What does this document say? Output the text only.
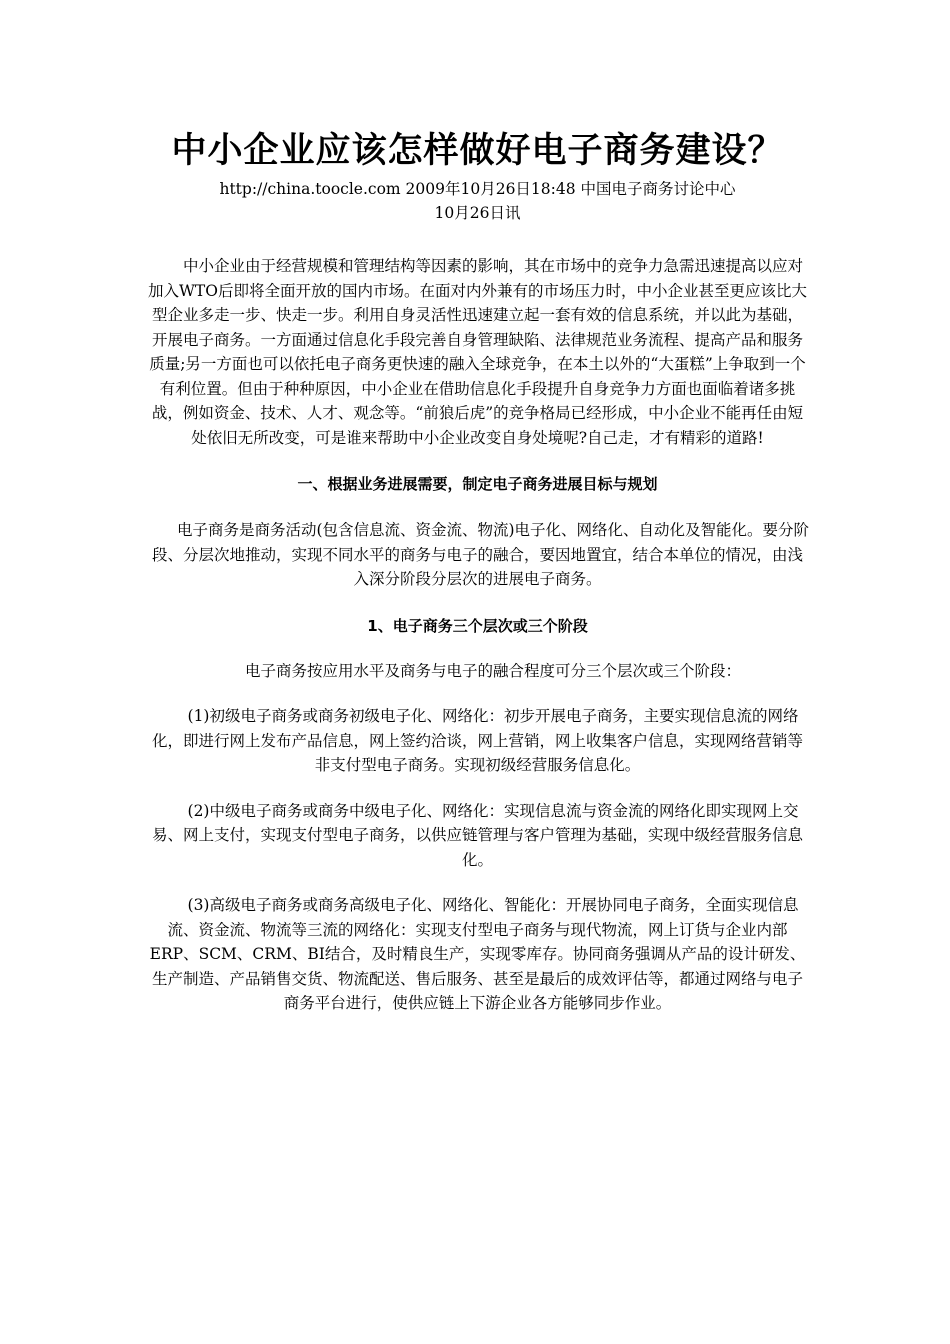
中小企业应该怎样做好电子商务建设？
http://china.toocle.com 2009年10月26日18:48 中国电子商务讨论中心
10月26日讯

中小企业由于经营规模和管理结构等因素的影响，其在市场中的竞争力急需迅速提高以应对加入WTO后即将全面开放的国内市场。在面对内外兼有的市场压力时，中小企业甚至更应该比大型企业多走一步、快走一步。利用自身灵活性迅速建立起一套有效的信息系统，并以此为基础，开展电子商务。一方面通过信息化手段完善自身管理缺陷、法律规范业务流程、提高产品和服务质量;另一方面也可以依托电子商务更快速的融入全球竞争，在本土以外的“大蛋糕”上争取到一个有利位置。但由于种种原因，中小企业在借助信息化手段提升自身竞争力方面也面临着诸多挑战，例如资金、技术、人才、观念等。“前狼后虎”的竞争格局已经形成，中小企业不能再任由短处依旧无所改变，可是谁来帮助中小企业改变自身处境呢?自己走，才有精彩的道路!

一、根据业务进展需要，制定电子商务进展目标与规划

电子商务是商务活动(包含信息流、资金流、物流)电子化、网络化、自动化及智能化。要分阶段、分层次地推动，实现不同水平的商务与电子的融合，要因地置宜，结合本单位的情况，由浅入深分阶段分层次的进展电子商务。

1、电子商务三个层次或三个阶段

电子商务按应用水平及商务与电子的融合程度可分三个层次或三个阶段：

(1)初级电子商务或商务初级电子化、网络化：初步开展电子商务，主要实现信息流的网络化，即进行网上发布产品信息，网上签约洽谈，网上营销，网上收集客户信息，实现网络营销等非支付型电子商务。实现初级经营服务信息化。

(2)中级电子商务或商务中级电子化、网络化：实现信息流与资金流的网络化即实现网上交易、网上支付，实现支付型电子商务，以供应链管理与客户管理为基础，实现中级经营服务信息化。

(3)高级电子商务或商务高级电子化、网络化、智能化：开展协同电子商务，全面实现信息流、资金流、物流等三流的网络化：实现支付型电子商务与现代物流，网上订货与企业内部ERP、SCM、CRM、BI结合，及时精良生产，实现零库存。协同商务强调从产品的设计研发、生产制造、产品销售交货、物流配送、售后服务、甚至是最后的成效评估等，都通过网络与电子商务平台进行，使供应链上下游企业各方能够同步作业。
